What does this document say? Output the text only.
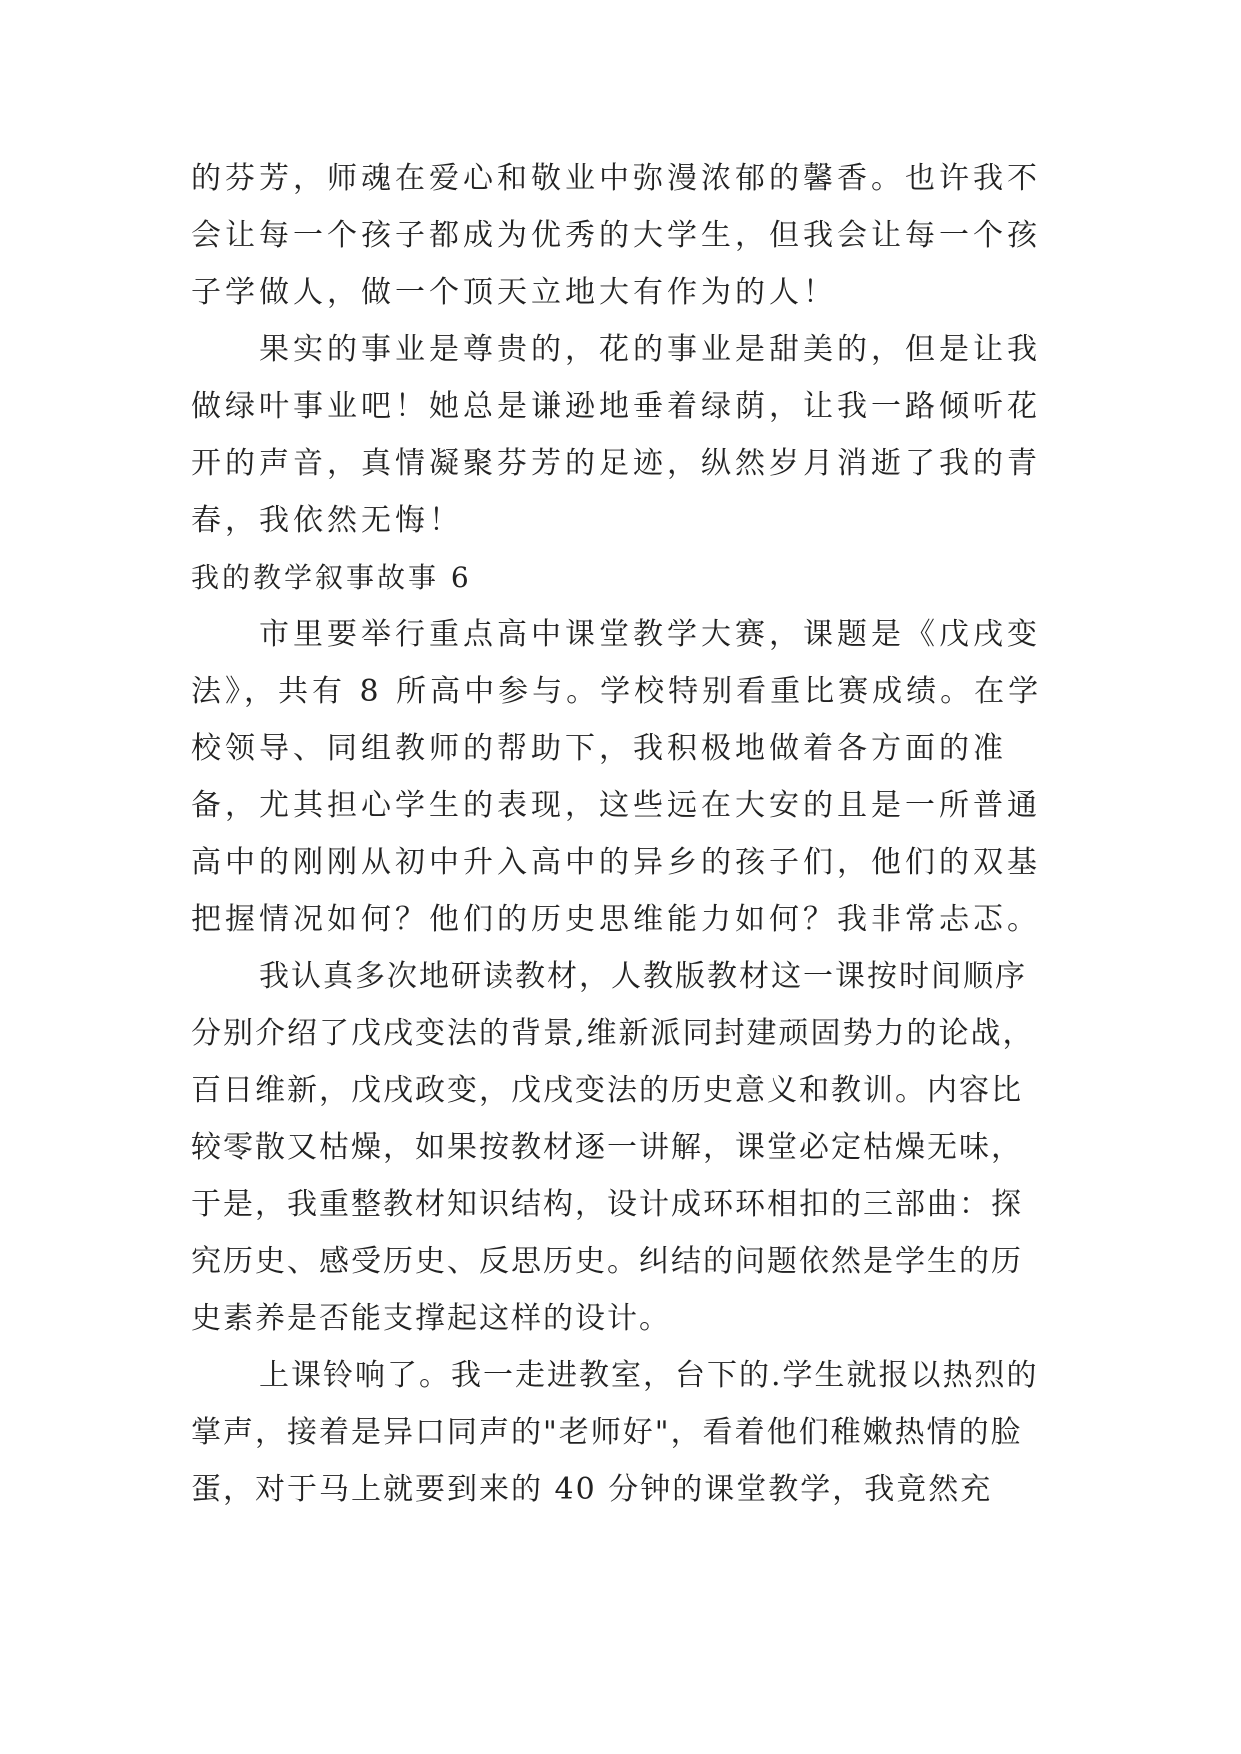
的芬芳，师魂在爱心和敬业中弥漫浓郁的馨香。也许我不会让每一个孩子都成为优秀的大学生，但我会让每一个孩子学做人，做一个顶天立地大有作为的人！

果实的事业是尊贵的，花的事业是甜美的，但是让我做绿叶事业吧！她总是谦逊地垂着绿荫，让我一路倾听花开的声音，真情凝聚芬芳的足迹，纵然岁月消逝了我的青春，我依然无悔！

我的教学叙事故事 6

市里要举行重点高中课堂教学大赛，课题是《戊戌变法》，共有 8 所高中参与。学校特别看重比赛成绩。在学校领导、同组教师的帮助下，我积极地做着各方面的准备，尤其担心学生的表现，这些远在大安的且是一所普通高中的刚刚从初中升入高中的异乡的孩子们，他们的双基把握情况如何？他们的历史思维能力如何？我非常忐忑。

我认真多次地研读教材，人教版教材这一课按时间顺序分别介绍了戊戌变法的背景,维新派同封建顽固势力的论战，百日维新，戊戌政变，戊戌变法的历史意义和教训。内容比较零散又枯燥，如果按教材逐一讲解，课堂必定枯燥无味，于是，我重整教材知识结构，设计成环环相扣的三部曲：探究历史、感受历史、反思历史。纠结的问题依然是学生的历史素养是否能支撑起这样的设计。

上课铃响了。我一走进教室，台下的.学生就报以热烈的掌声，接着是异口同声的"老师好"，看着他们稚嫩热情的脸蛋，对于马上就要到来的 40 分钟的课堂教学，我竟然充
